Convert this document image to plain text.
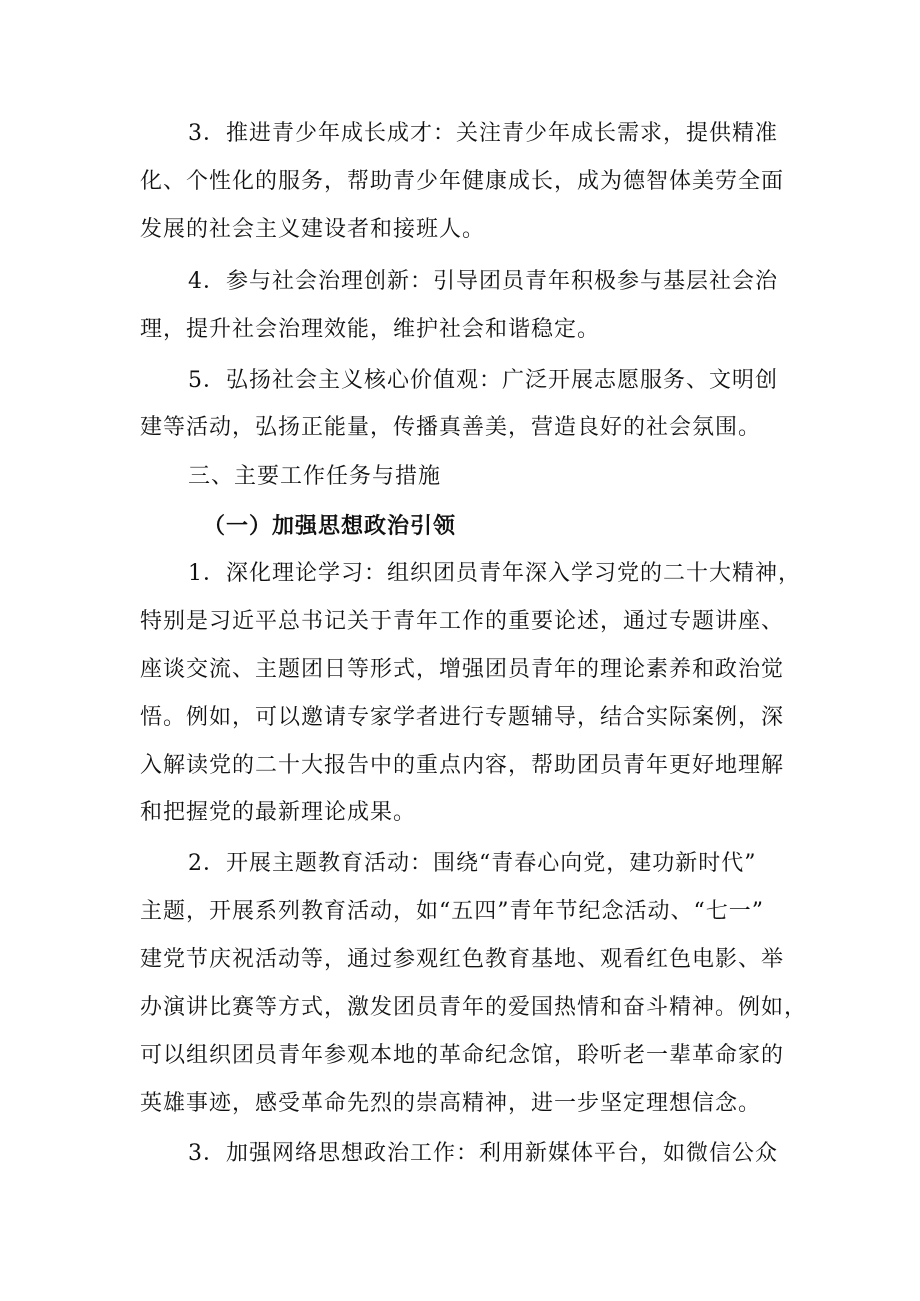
3．推进青少年成长成才：关注青少年成长需求，提供精准
化、个性化的服务，帮助青少年健康成长，成为德智体美劳全面
发展的社会主义建设者和接班人。
4．参与社会治理创新：引导团员青年积极参与基层社会治
理，提升社会治理效能，维护社会和谐稳定。
5．弘扬社会主义核心价值观：广泛开展志愿服务、文明创
建等活动，弘扬正能量，传播真善美，营造良好的社会氛围。
三、主要工作任务与措施
（一）加强思想政治引领
1．深化理论学习：组织团员青年深入学习党的二十大精神，
特别是习近平总书记关于青年工作的重要论述，通过专题讲座、
座谈交流、主题团日等形式，增强团员青年的理论素养和政治觉
悟。例如，可以邀请专家学者进行专题辅导，结合实际案例，深
入解读党的二十大报告中的重点内容，帮助团员青年更好地理解
和把握党的最新理论成果。
2．开展主题教育活动：围绕“青春心向党，建功新时代”
主题，开展系列教育活动，如“五四”青年节纪念活动、“七一”
建党节庆祝活动等，通过参观红色教育基地、观看红色电影、举
办演讲比赛等方式，激发团员青年的爱国热情和奋斗精神。例如，
可以组织团员青年参观本地的革命纪念馆，聆听老一辈革命家的
英雄事迹，感受革命先烈的崇高精神，进一步坚定理想信念。
3．加强网络思想政治工作：利用新媒体平台，如微信公众
